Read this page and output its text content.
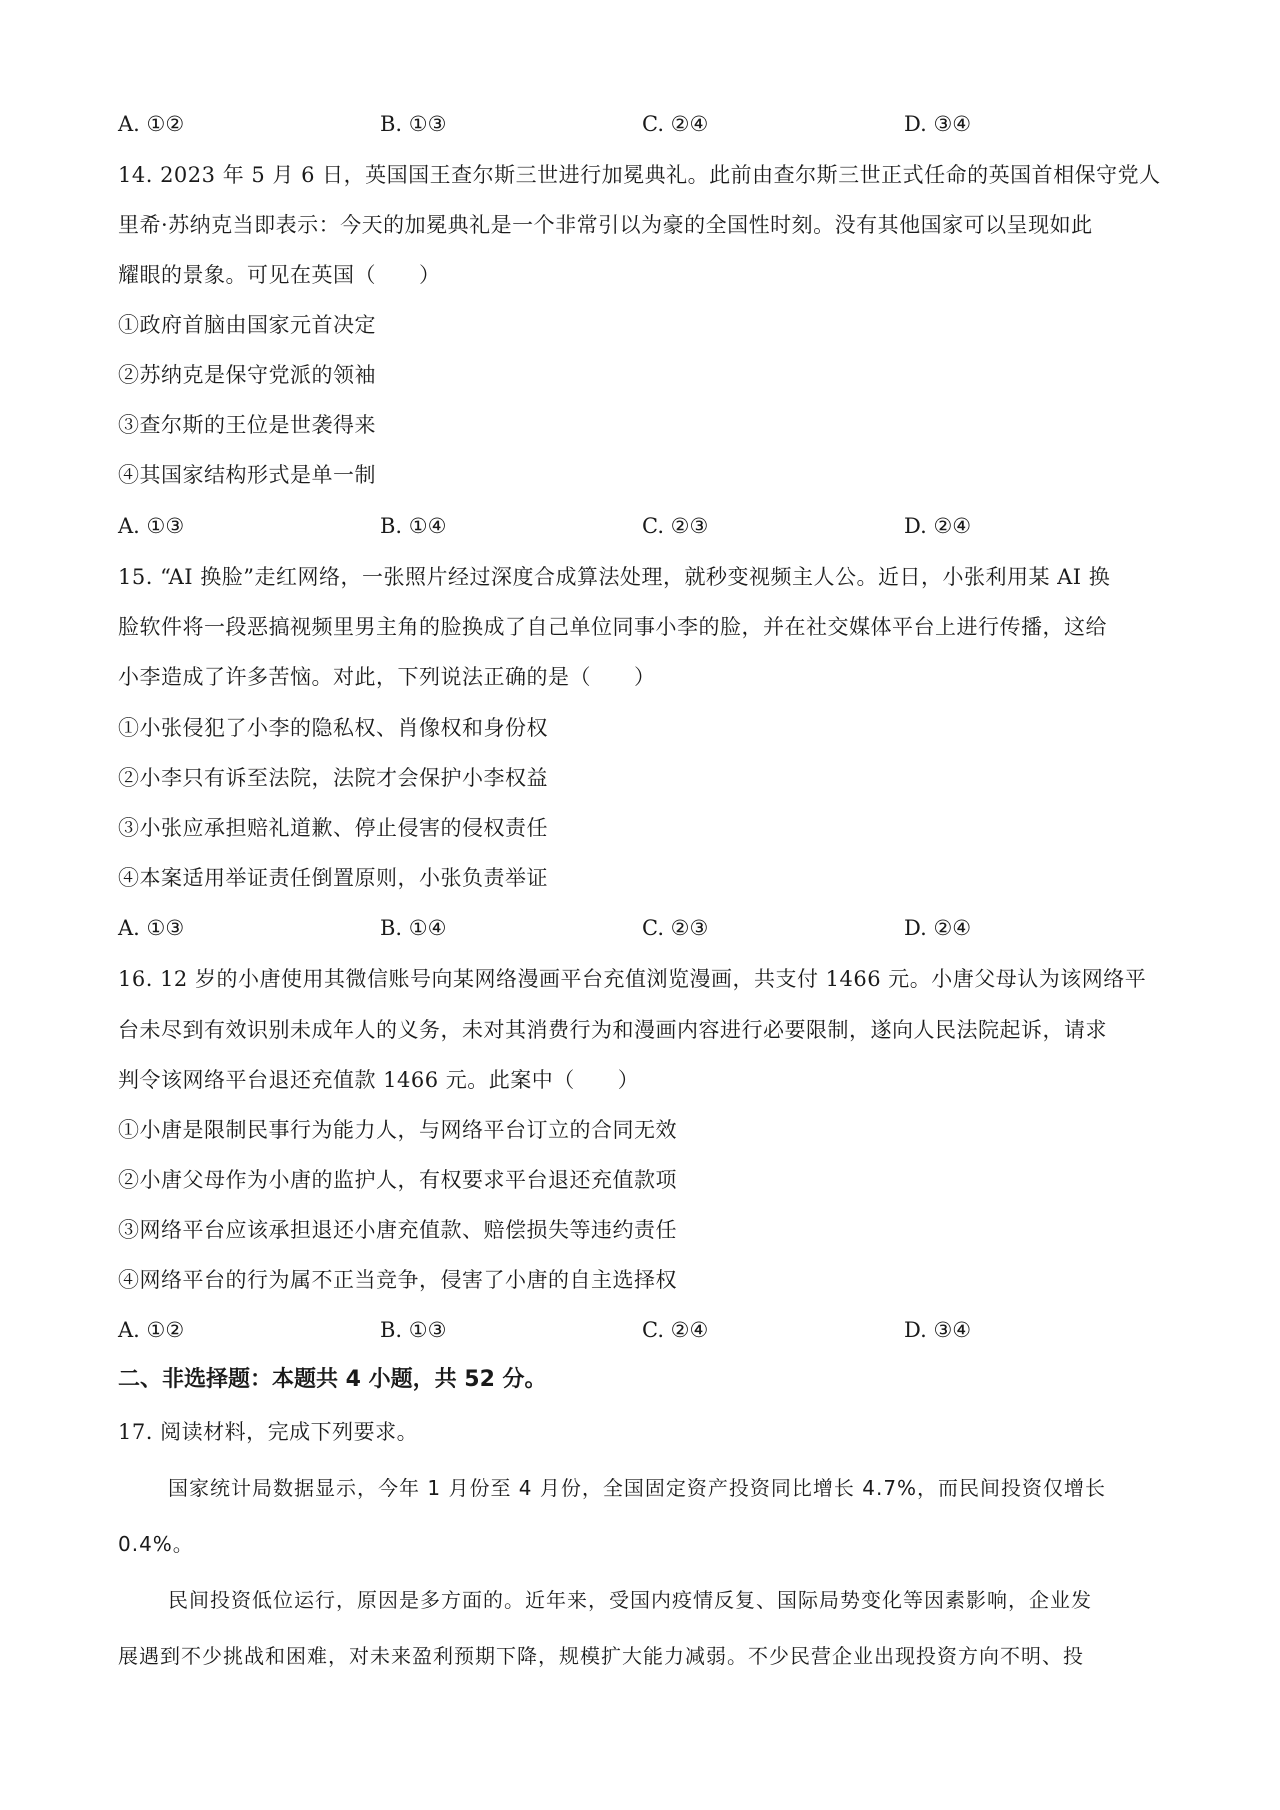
A. ①②	B. ①③	C. ②④	D. ③④
14. 2023 年 5 月 6 日，英国国王查尔斯三世进行加冕典礼。此前由查尔斯三世正式任命的英国首相保守党人
里希·苏纳克当即表示：今天的加冕典礼是一个非常引以为豪的全国性时刻。没有其他国家可以呈现如此
耀眼的景象。可见在英国（　　）
①政府首脑由国家元首决定
②苏纳克是保守党派的领袖
③查尔斯的王位是世袭得来
④其国家结构形式是单一制
A. ①③	B. ①④	C. ②③	D. ②④
15. “AI 换脸”走红网络，一张照片经过深度合成算法处理，就秒变视频主人公。近日，小张利用某 AI 换
脸软件将一段恶搞视频里男主角的脸换成了自己单位同事小李的脸，并在社交媒体平台上进行传播，这给
小李造成了许多苦恼。对此，下列说法正确的是（　　）
①小张侵犯了小李的隐私权、肖像权和身份权
②小李只有诉至法院，法院才会保护小李权益
③小张应承担赔礼道歉、停止侵害的侵权责任
④本案适用举证责任倒置原则，小张负责举证
A. ①③	B. ①④	C. ②③	D. ②④
16. 12 岁的小唐使用其微信账号向某网络漫画平台充值浏览漫画，共支付 1466 元。小唐父母认为该网络平
台未尽到有效识别未成年人的义务，未对其消费行为和漫画内容进行必要限制，遂向人民法院起诉，请求
判令该网络平台退还充值款 1466 元。此案中（　　）
①小唐是限制民事行为能力人，与网络平台订立的合同无效
②小唐父母作为小唐的监护人，有权要求平台退还充值款项
③网络平台应该承担退还小唐充值款、赔偿损失等违约责任
④网络平台的行为属不正当竞争，侵害了小唐的自主选择权
A. ①②	B. ①③	C. ②④	D. ③④
二、非选择题：本题共 4 小题，共 52 分。
17. 阅读材料，完成下列要求。
国家统计局数据显示，今年 1 月份至 4 月份，全国固定资产投资同比增长 4.7%，而民间投资仅增长
0.4%。
民间投资低位运行，原因是多方面的。近年来，受国内疫情反复、国际局势变化等因素影响，企业发
展遇到不少挑战和困难，对未来盈利预期下降，规模扩大能力减弱。不少民营企业出现投资方向不明、投
